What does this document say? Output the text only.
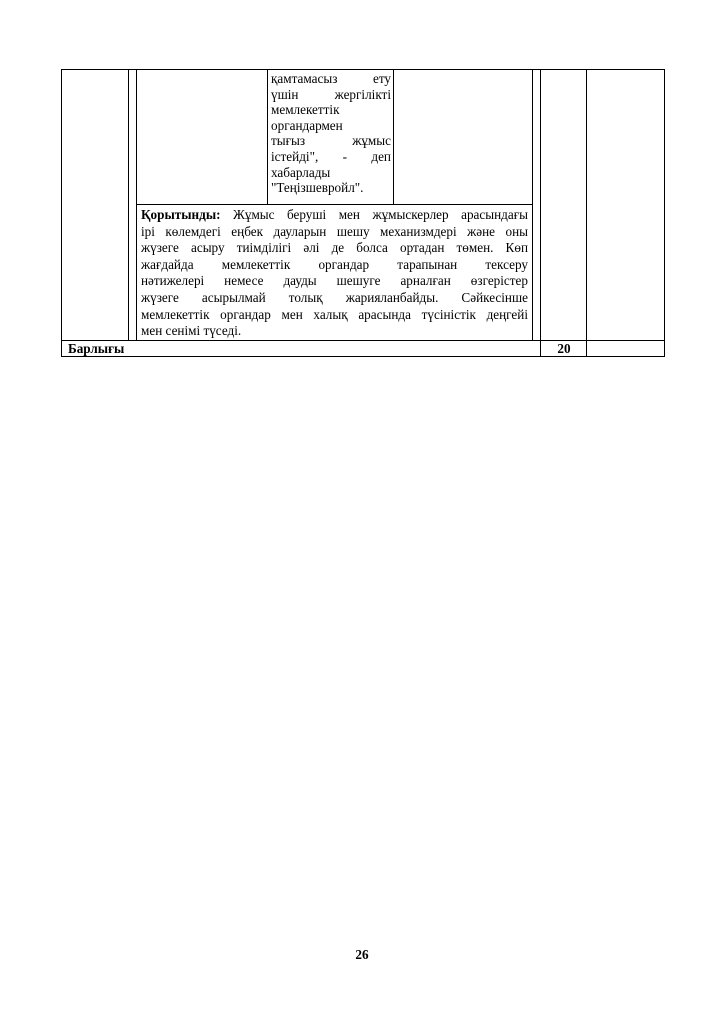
қамтамасыз ету
үшін жергілікті
мемлекеттік
органдармен
тығыз жұмыс
істейді", - деп
хабарлады
"Теңізшевройл".
Қорытынды: Жұмыс беруші мен жұмыскерлер арасындағы
ірі көлемдегі еңбек дауларын шешу механизмдері және оны
жүзеге асыру тиімділігі әлі де болса ортадан төмен. Көп
жағдайда мемлекеттік органдар тарапынан тексеру
нәтижелері немесе дауды шешуге арналған өзгерістер
жүзеге асырылмай толық жарияланбайды. Сәйкесінше
мемлекеттік органдар мен халық арасында түсіністік деңгейі
мен сенімі түседі.
Барлығы	20
26
